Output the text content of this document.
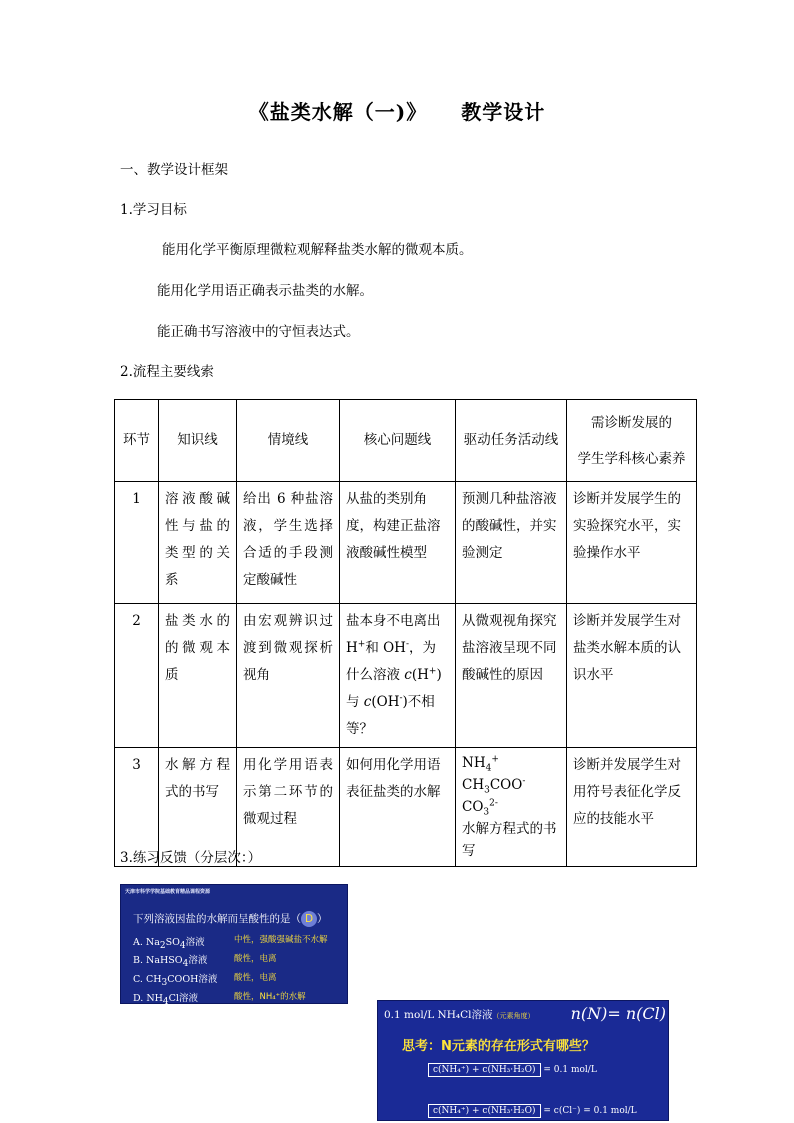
《盐类水解（一)》 教学设计
一、教学设计框架
1.学习目标
能用化学平衡原理微粒观解释盐类水解的微观本质。
能用化学用语正确表示盐类的水解。
能正确书写溶液中的守恒表达式。
2.流程主要线索
环节	知识线	情境线	核心问题线	驱动任务活动线	需诊断发展的
学生学科核心素养

1	溶液酸碱性与盐的类型的关系	给出 6 种盐溶液，学生选择合适的手段测定酸碱性	从盐的类别角度，构建正盐溶液酸碱性模型	预测几种盐溶液的酸碱性，并实验测定	诊断并发展学生的实验探究水平，实验操作水平
2	盐类水的的微观本质	由宏观辨识过渡到微观探析视角	盐本身不电离出 H+和 OH-，为什么溶液 c(H+)与 c(OH-)不相等？	从微观视角探究盐溶液呈现不同酸碱性的原因	诊断并发展学生对盐类水解本质的认识水平
3	水解方程式的书写	用化学用语表示第二环节的微观过程	如何用化学用语表征盐类的水解	$NH_4^+$
$CH_3COO^-CO_3^{2-}$
水解方程式的书写	诊断并发展学生对用符号表征化学反应的技能水平
3.练习反馈（分层次：）
天津市科学学院基础教育精品课程资源
下列溶液因盐的水解而呈酸性的是（ D ）
A. $Na_2SO_4$溶液	中性，强酸强碱盐不水解
B. NaHSO$_4$溶液	酸性，电离
C. $CH_3COOH$溶液 酸性，电离
D. $NH_4Cl$溶液	酸性，NH₄⁺的水解
0.1 mol/L NH₄Cl溶液（元素角度） n(N)= n(Cl)
思考：N元素的存在形式有哪些？
c(NH₄⁺) + c(NH₃·H₂O) = 0.1 mol/L
c(NH₄⁺) + c(NH₃·H₂O) = c(Cl⁻) = 0.1 mol/L
